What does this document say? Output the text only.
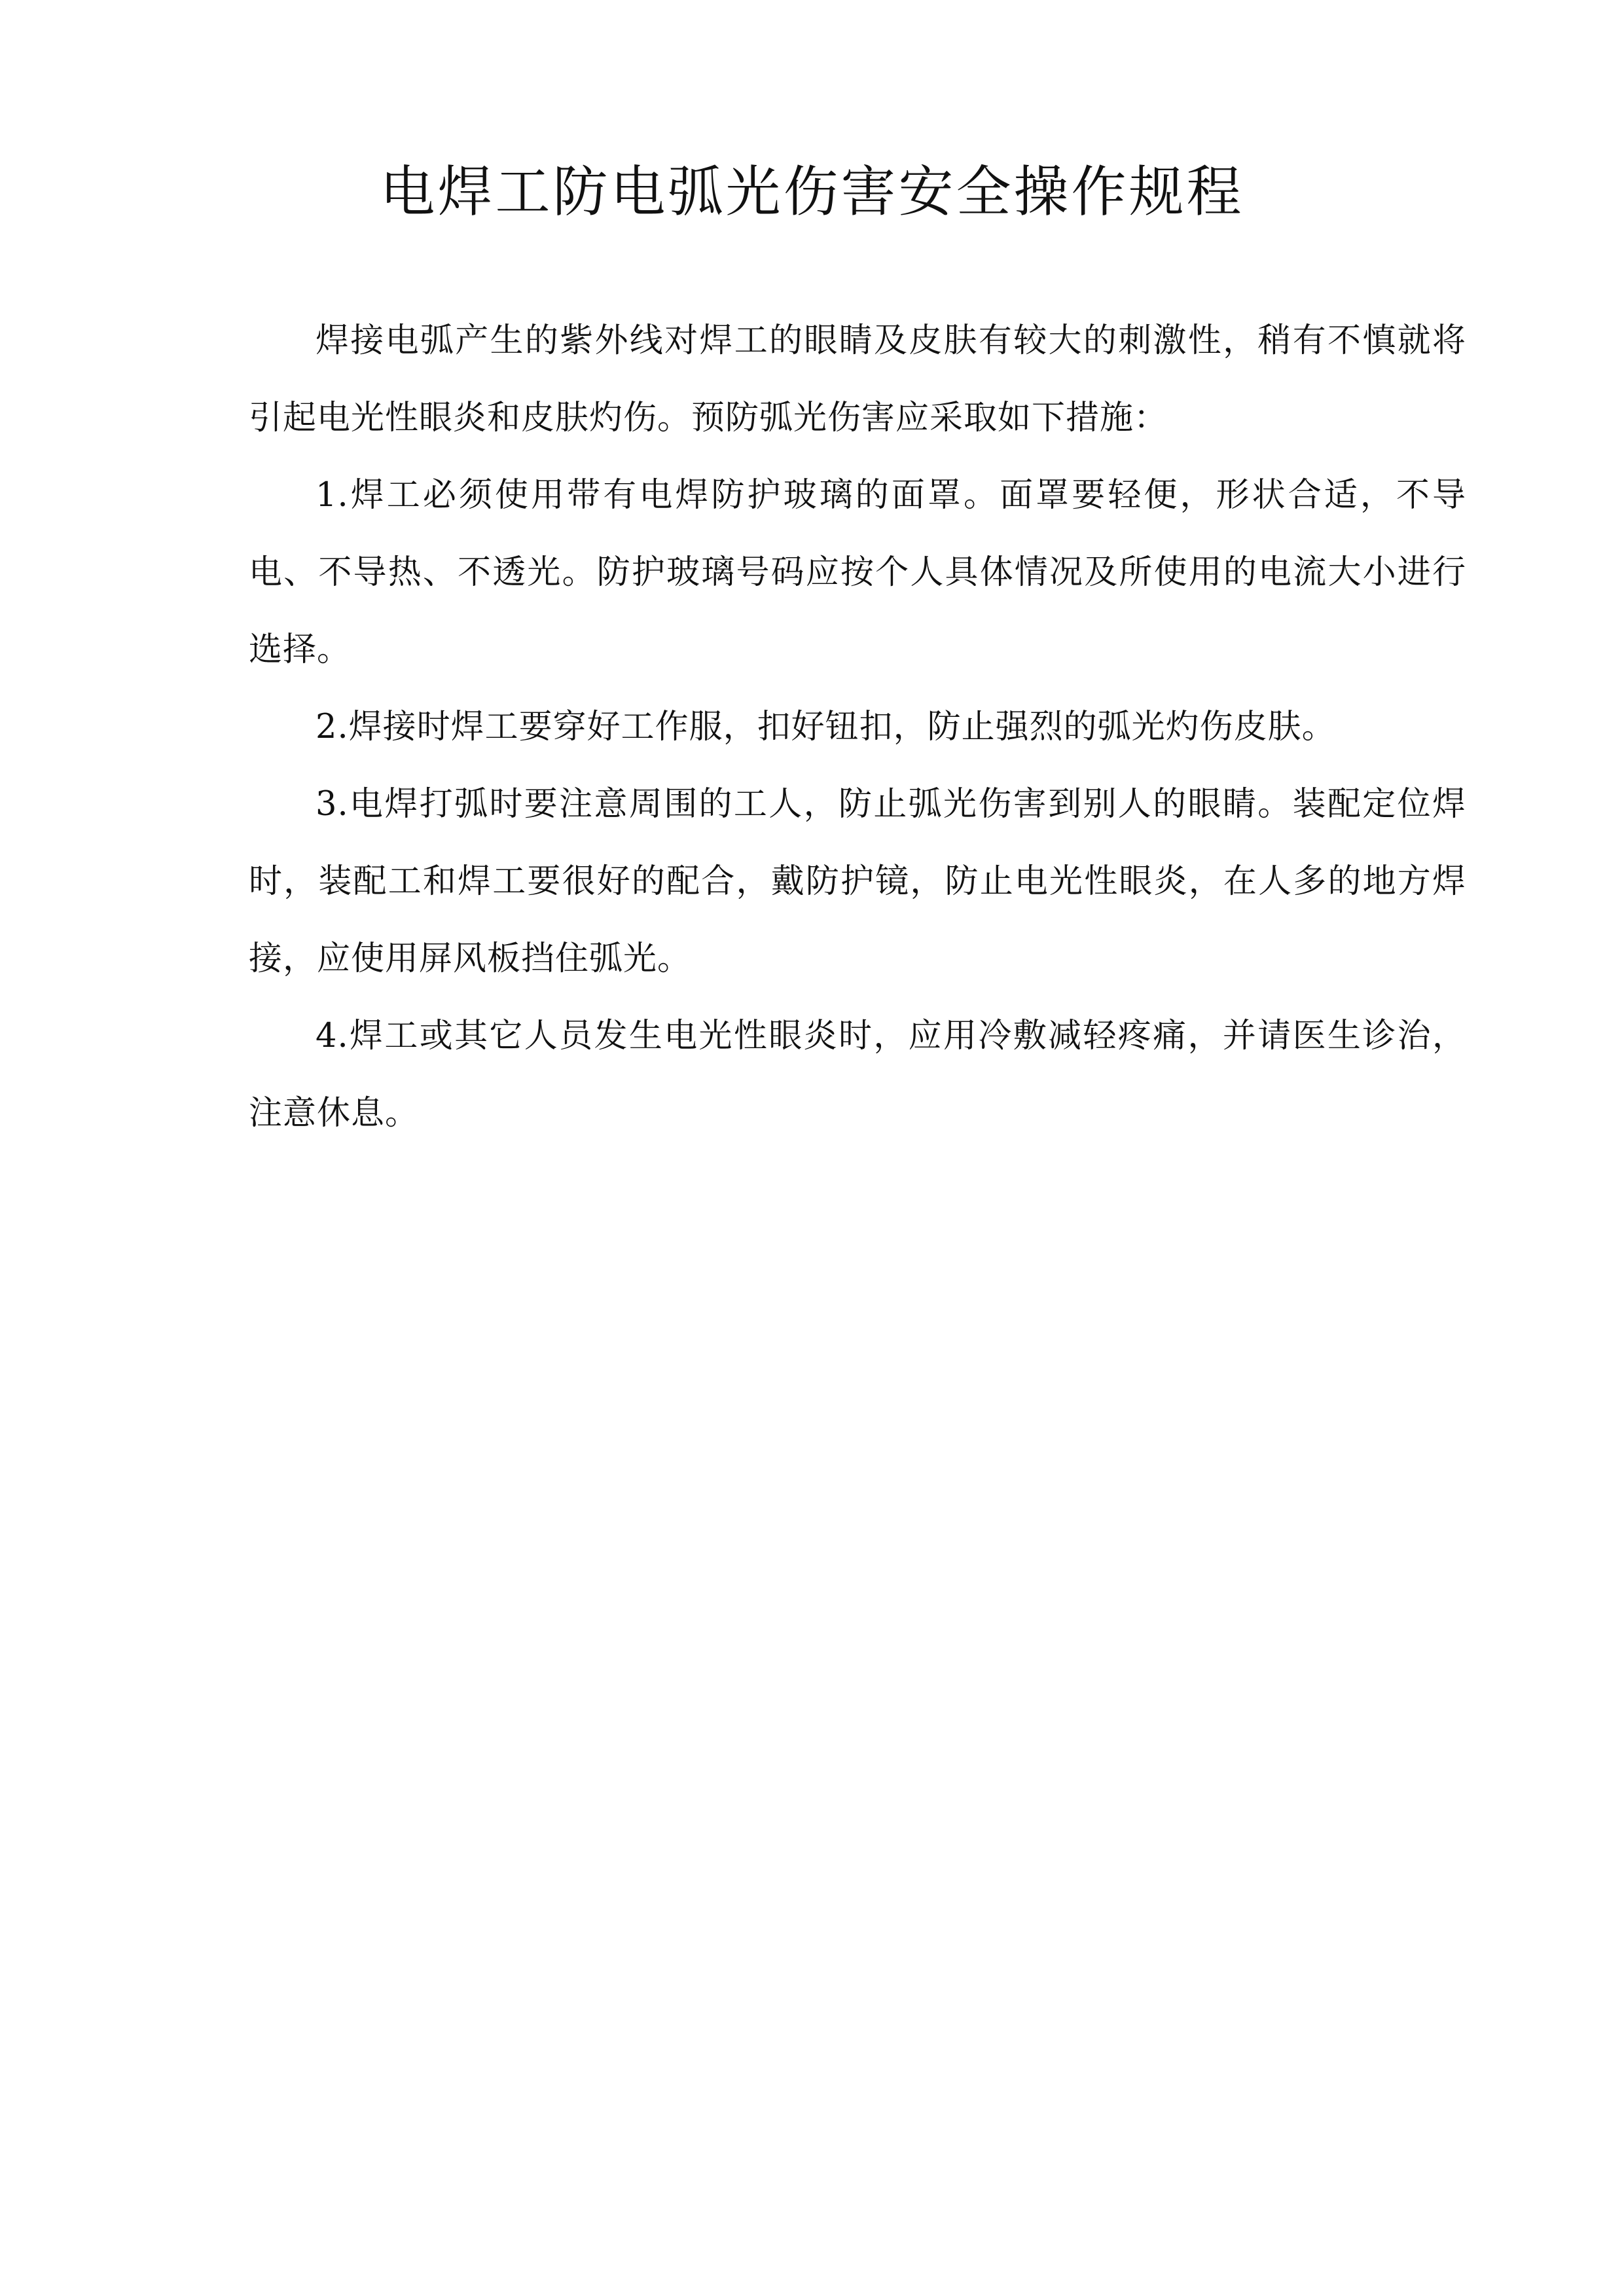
电焊工防电弧光伤害安全操作规程

焊接电弧产生的紫外线对焊工的眼睛及皮肤有较大的刺激性，稍有不慎就将 引起电光性眼炎和皮肤灼伤。预防弧光伤害应采取如下措施：

1.焊工必须使用带有电焊防护玻璃的面罩。面罩要轻便，形状合适，不导电、不导热、不透光。防护玻璃号码应按个人具体情况及所使用的电流大小进行选择。

2.焊接时焊工要穿好工作服，扣好钮扣，防止强烈的弧光灼伤皮肤。

3.电焊打弧时要注意周围的工人，防止弧光伤害到别人的眼睛。装配定位焊 时，装配工和焊工要很好的配合，戴防护镜，防止电光性眼炎，在人多的地方焊 接，应使用屏风板挡住弧光。

4.焊工或其它人员发生电光性眼炎时，应用冷敷减轻疼痛，并请医生诊治， 注意休息。
